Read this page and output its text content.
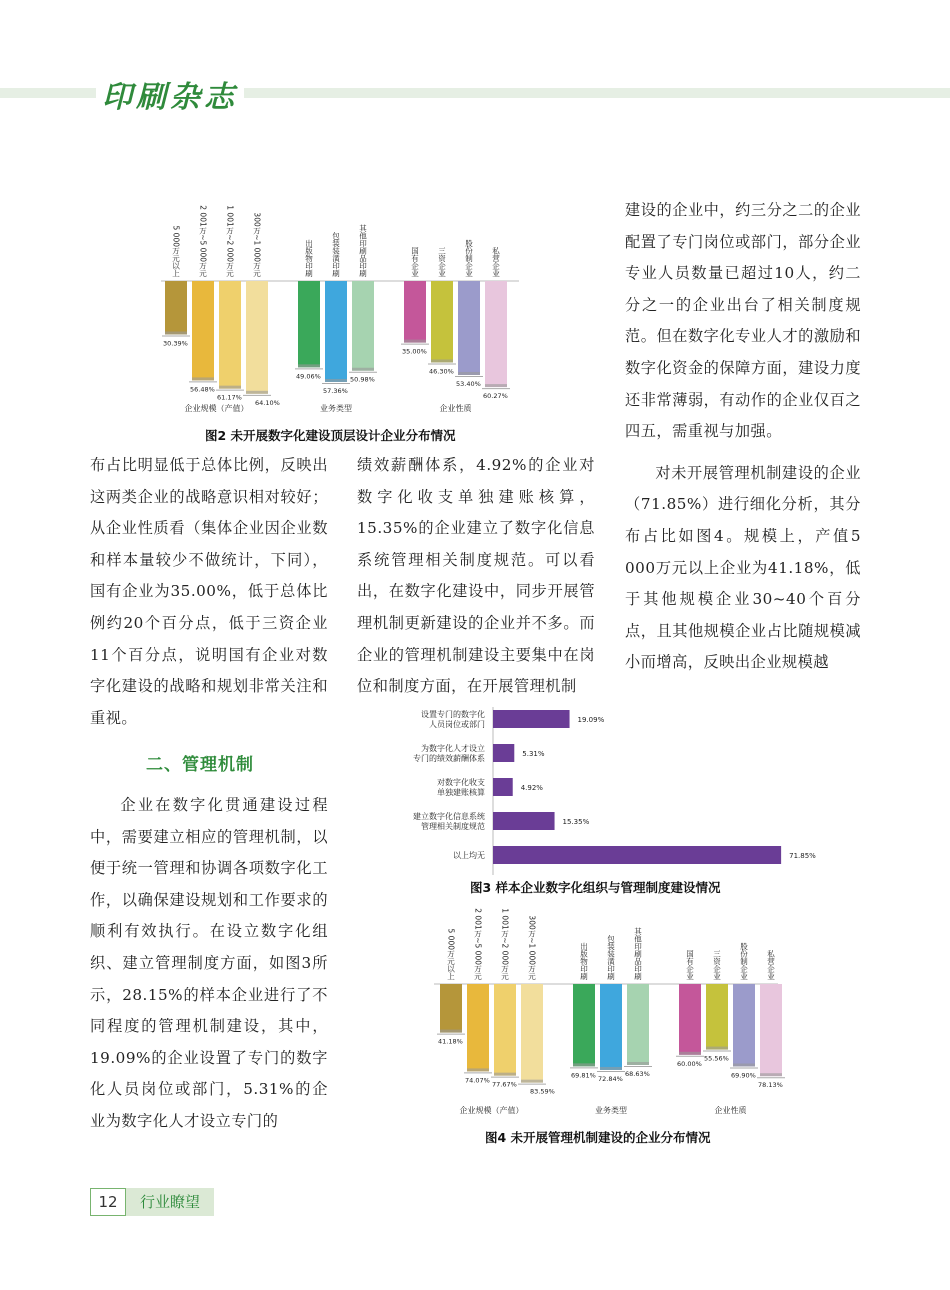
印刷杂志
30.39%
5 000万元以上
56.48%
2 001万~5 000万元
61.17%
1 001万~2 000万元
64.10%
300万~1 000万元
企业规模（产值）
49.06%
出版物印刷
57.36%
包装装潢印刷
50.98%
其他印刷品印刷
业务类型
35.00%
国有企业
46.30%
三资企业
53.40%
股份制企业
60.27%
私营企业
企业性质
图2 未开展数字化建设顶层设计企业分布情况

布占比明显低于总体比例，反映出这两类企业的战略意识相对较好；从企业性质看（集体企业因企业数和样本量较少不做统计，下同），国有企业为35.00%，低于总体比例约20个百分点，低于三资企业11个百分点，说明国有企业对数字化建设的战略和规划非常关注和重视。

二、管理机制

企业在数字化贯通建设过程中，需要建立相应的管理机制，以便于统一管理和协调各项数字化工作，以确保建设规划和工作要求的顺利有效执行。在设立数字化组织、建立管理制度方面，如图3所示，28.15%的样本企业进行了不同程度的管理机制建设，其中，19.09%的企业设置了专门的数字化人员岗位或部门，5.31%的企业为数字化人才设立专门的

绩效薪酬体系，4.92%的企业对数字化收支单独建账核算，15.35%的企业建立了数字化信息系统管理相关制度规范。可以看出，在数字化建设中，同步开展管理机制更新建设的企业并不多。而企业的管理机制建设主要集中在岗位和制度方面，在开展管理机制

建设的企业中，约三分之二的企业配置了专门岗位或部门，部分企业专业人员数量已超过10人，约二分之一的企业出台了相关制度规范。但在数字化专业人才的激励和数字化资金的保障方面，建设力度还非常薄弱，有动作的企业仅百之四五，需重视与加强。

对未开展管理机制建设的企业（71.85%）进行细化分析，其分布占比如图4。规模上，产值5 000万元以上企业为41.18%，低于其他规模企业30~40个百分点，且其他规模企业占比随规模减小而增高，反映出企业规模越

19.09%
设置专门的数字化
人员岗位或部门
5.31%
为数字化人才设立
专门的绩效薪酬体系
4.92%
对数字化收支
单独建账核算
15.35%
建立数字化信息系统
管理相关制度规范
71.85%
以上均无
图3 样本企业数字化组织与管理制度建设情况
41.18%
5 000万元以上
74.07%
2 001万~5 000万元
77.67%
1 001万~2 000万元
83.59%
300万~1 000万元
企业规模（产值）
69.81%
出版物印刷
72.84%
包装装潢印刷
68.63%
其他印刷品印刷
业务类型
60.00%
国有企业
55.56%
三资企业
69.90%
股份制企业
78.13%
私营企业
企业性质
图4 未开展管理机制建设的企业分布情况
12	行业瞭望
